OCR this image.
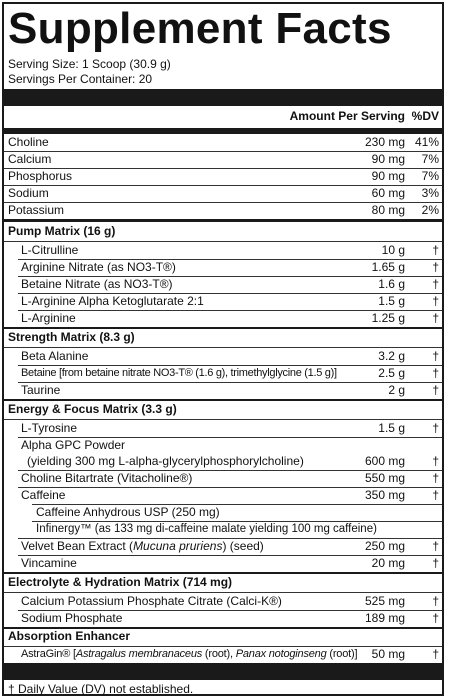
Supplement Facts
Serving Size: 1 Scoop (30.9 g)
Servings Per Container: 20
Amount Per Serving %DV
Choline	230 mg 41%
Calcium	90 mg 7%
Phosphorus	90 mg 7%
Sodium	60 mg 3%
Potassium	80 mg 2%
Pump Matrix (16 g)
L-Citrulline	10 g †
Arginine Nitrate (as NO3-T®)	1.65 g †
Betaine Nitrate (as NO3-T®)	1.6 g †
L-Arginine Alpha Ketoglutarate 2:1	1.5 g †
L-Arginine	1.25 g †
Strength Matrix (8.3 g)
Beta Alanine	3.2 g †
Betaine [from betaine nitrate NO3-T® (1.6 g), trimethylglycine (1.5 g)]	2.5 g †
Taurine	2 g †
Energy & Focus Matrix (3.3 g)
L-Tyrosine	1.5 g †
Alpha GPC Powder
(yielding 300 mg L-alpha-glycerylphosphorylcholine)	600 mg †
Choline Bitartrate (Vitacholine®)	550 mg †
Caffeine	350 mg †
Caffeine Anhydrous USP (250 mg)
Infinergy™ (as 133 mg di-caffeine malate yielding 100 mg caffeine)
Velvet Bean Extract (Mucuna pruriens) (seed)	250 mg †
Vincamine	20 mg †
Electrolyte & Hydration Matrix (714 mg)
Calcium Potassium Phosphate Citrate (Calci-K®)	525 mg †
Sodium Phosphate	189 mg †
Absorption Enhancer
AstraGin® [Astragalus membranaceus (root), Panax notoginseng (root)] 50 mg †
† Daily Value (DV) not established.
